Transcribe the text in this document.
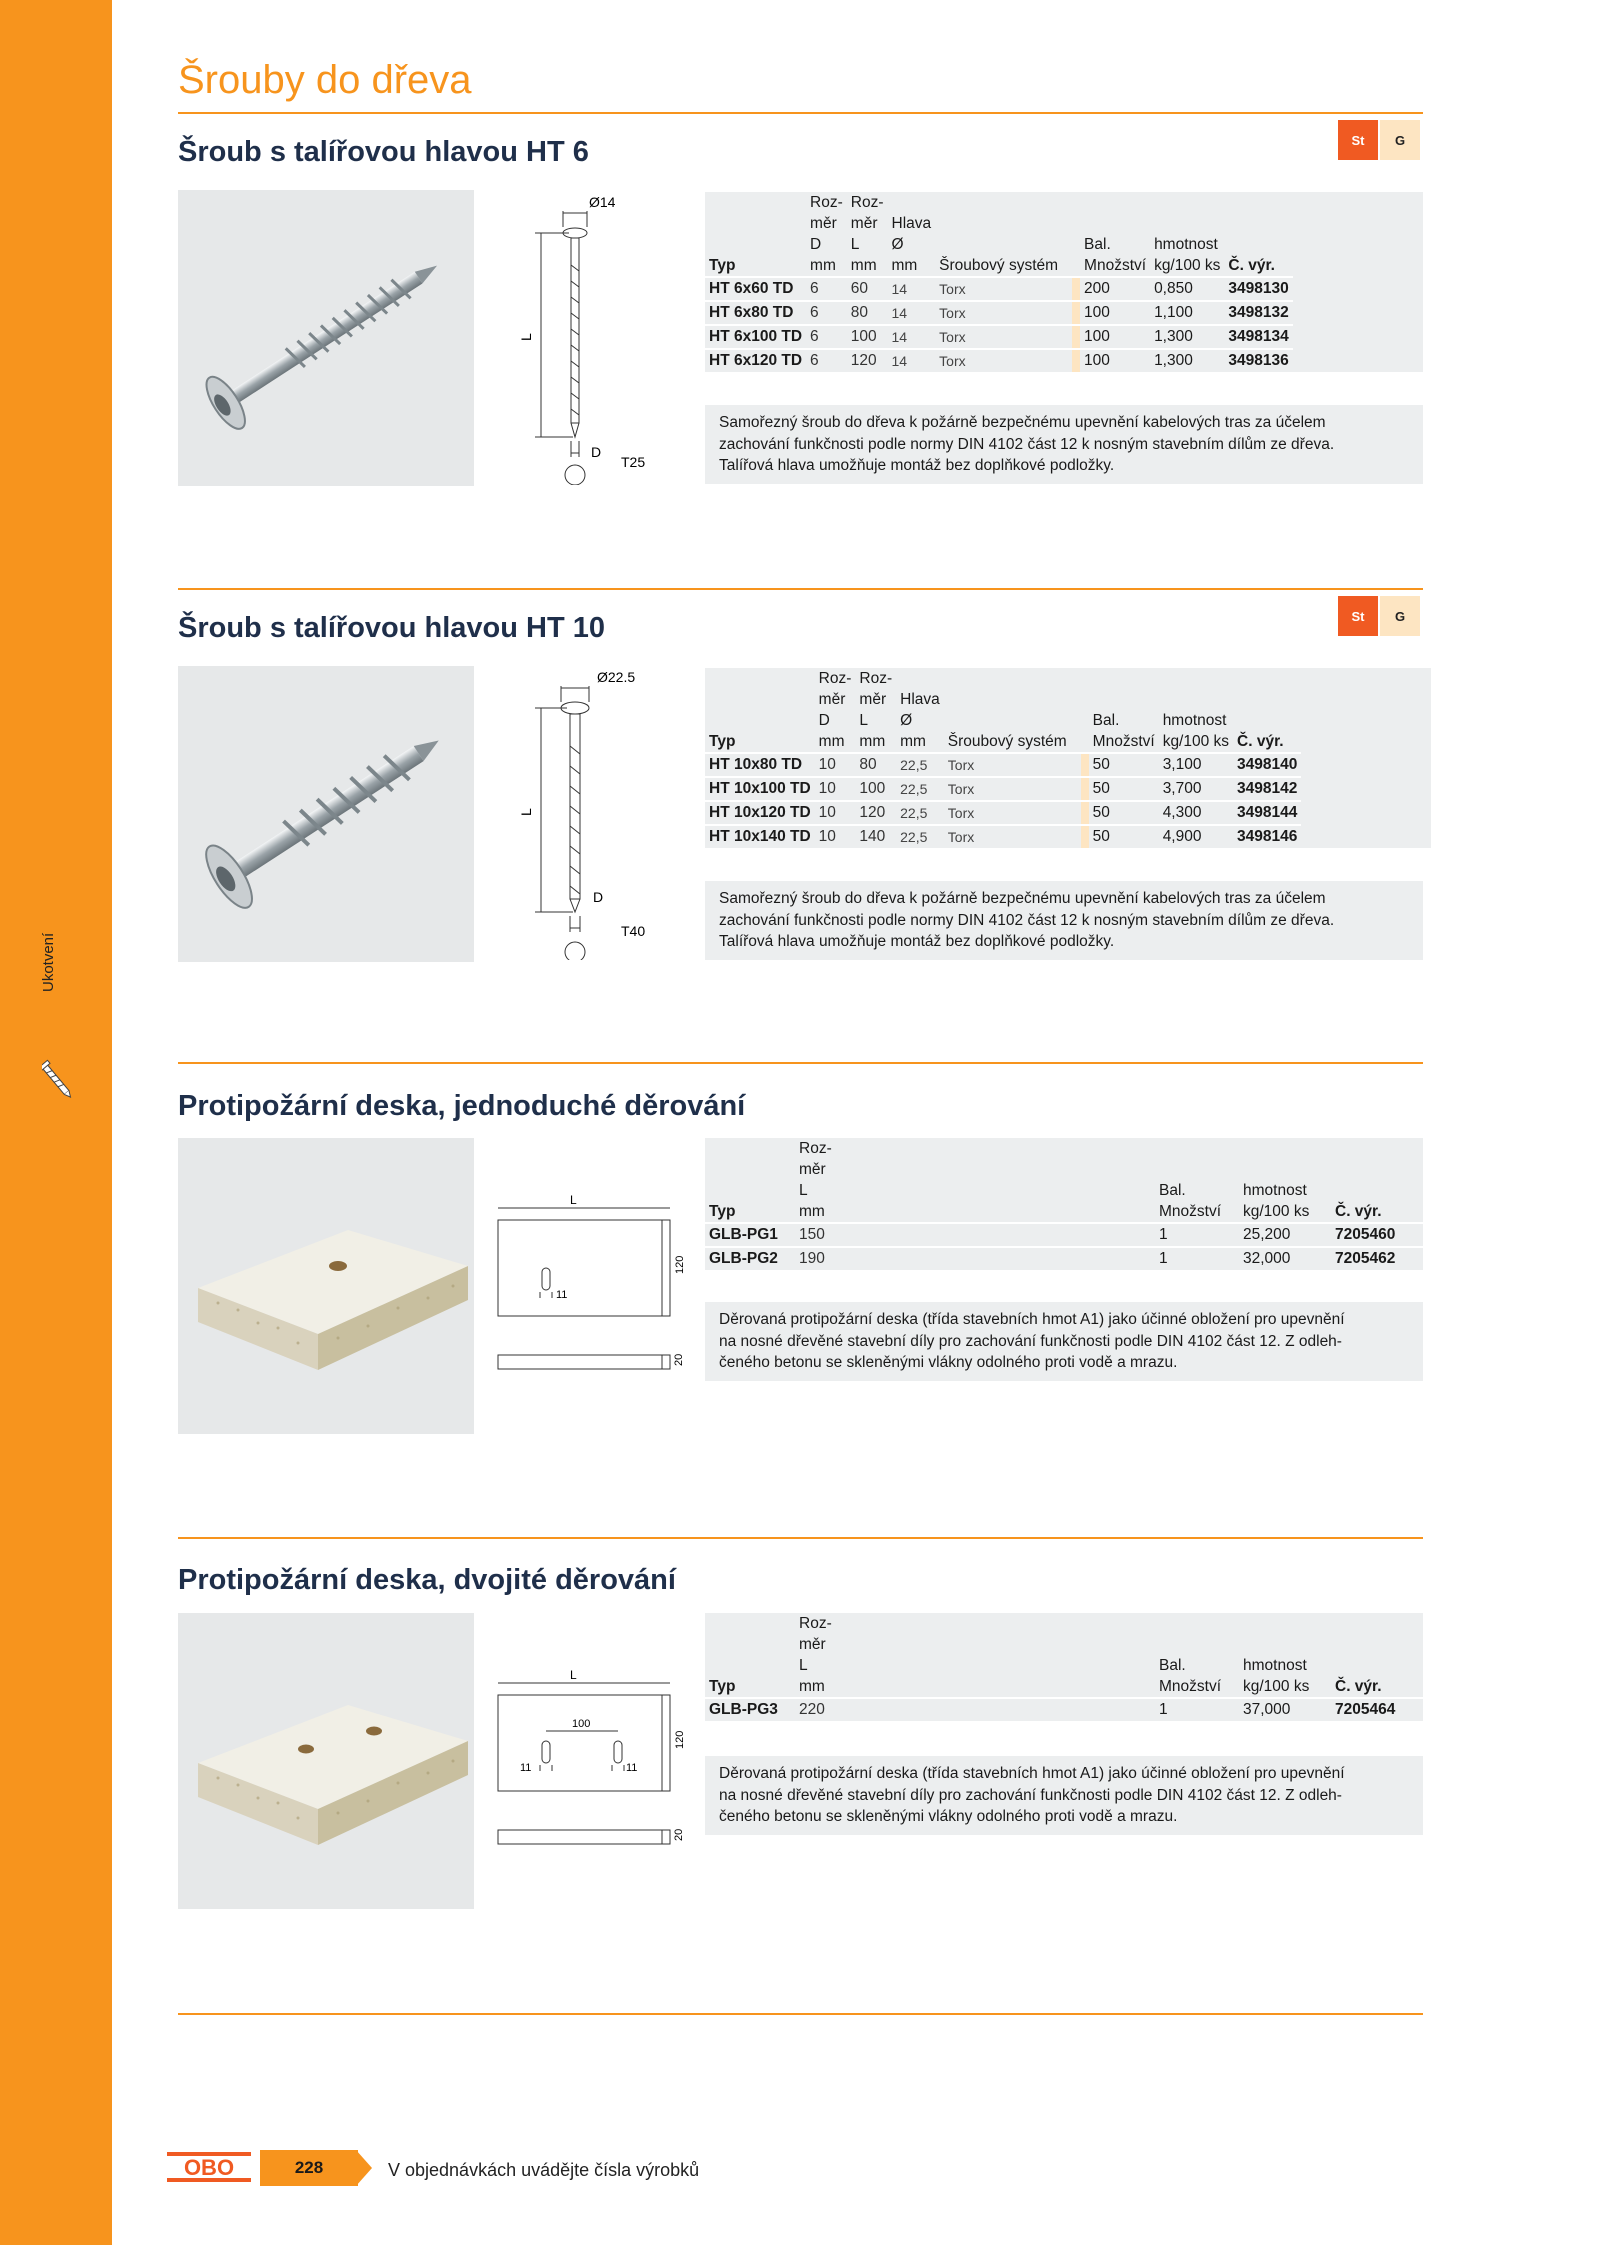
Ukotvení
Šrouby do dřeva
Šroub s talířovou hlavou HT 6	St	G
Ø14
L
D
T25
Typ	Roz-
měr
D
mm	Roz-
měr
L
mm	Hlava
Ø
mm	Šroubový systém		Bal.
Množství	hmotnost
kg/100 ks	Č. výr.
HT 6x60 TD	6	60	14	Torx		200	0,850	3498130
HT 6x80 TD	6	80	14	Torx		100	1,100	3498132
HT 6x100 TD	6	100	14	Torx		100	1,300	3498134
HT 6x120 TD	6	120	14	Torx		100	1,300	3498136
Samořezný šroub do dřeva k požárně bezpečnému upevnění kabelových tras za účelem
zachování funkčnosti podle normy DIN 4102 část 12 k nosným stavebním dílům ze dřeva.
Talířová hlava umožňuje montáž bez doplňkové podložky.
Šroub s talířovou hlavou HT 10	St	G
Ø22.5
L
D
T40
Typ	Roz-
měr
D
mm	Roz-
měr
L
mm	Hlava
Ø
mm	Šroubový systém		Bal.
Množství	hmotnost
kg/100 ks	Č. výr.
HT 10x80 TD	10	80	22,5	Torx		50	3,100	3498140
HT 10x100 TD	10	100	22,5	Torx		50	3,700	3498142
HT 10x120 TD	10	120	22,5	Torx		50	4,300	3498144
HT 10x140 TD	10	140	22,5	Torx		50	4,900	3498146
Samořezný šroub do dřeva k požárně bezpečnému upevnění kabelových tras za účelem
zachování funkčnosti podle normy DIN 4102 část 12 k nosným stavebním dílům ze dřeva.
Talířová hlava umožňuje montáž bez doplňkové podložky.
Protipožární deska, jednoduché děrování
L
11
120
20
Typ	Roz-
měr
L
mm	Bal.
Množství	hmotnost
kg/100 ks	Č. výr.
GLB-PG1	150	1	25,200	7205460
GLB-PG2	190	1	32,000	7205462
Děrovaná protipožární deska (třída stavebních hmot A1) jako účinné obložení pro upevnění
na nosné dřevěné stavební díly pro zachování funkčnosti podle DIN 4102 část 12. Z odleh-
čeného betonu se skleněnými vlákny odolného proti vodě a mrazu.
Protipožární deska, dvojité děrování
L
100
11	11
120
20
Typ	Roz-
měr
L
mm	Bal.
Množství	hmotnost
kg/100 ks	Č. výr.
GLB-PG3	220	1	37,000	7205464
Děrovaná protipožární deska (třída stavebních hmot A1) jako účinné obložení pro upevnění
na nosné dřevěné stavební díly pro zachování funkčnosti podle DIN 4102 část 12. Z odleh-
čeného betonu se skleněnými vlákny odolného proti vodě a mrazu.
OBO	228	V objednávkách uvádějte čísla výrobků
